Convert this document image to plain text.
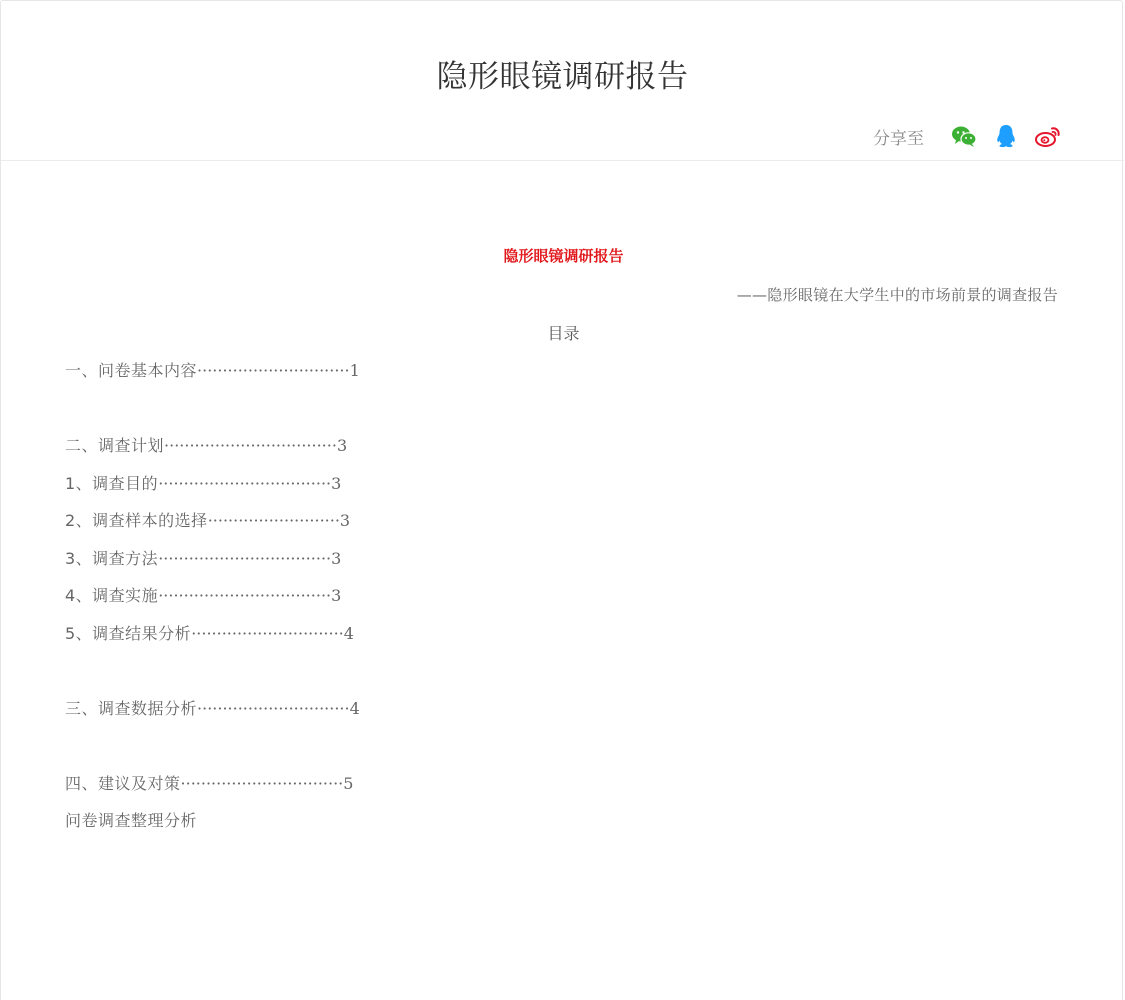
隐形眼镜调研报告
分享至
隐形眼镜调研报告
——隐形眼镜在大学生中的市场前景的调查报告
目录
一、问卷基本内容······························1
二、调查计划··································3
1、调查目的··································3
2、调查样本的选择··························3
3、调查方法··································3
4、调查实施··································3
5、调查结果分析······························4
三、调查数据分析······························4
四、建议及对策································5
问卷调查整理分析
